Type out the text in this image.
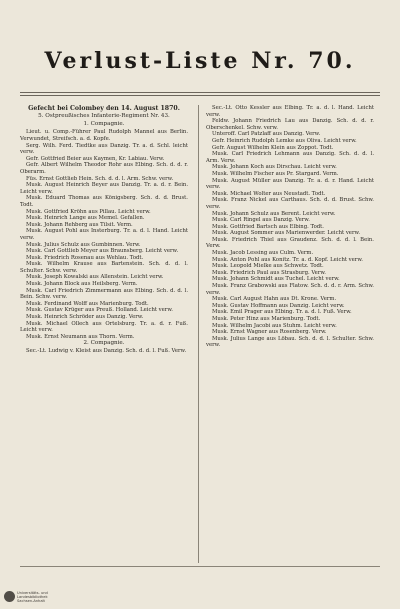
Verlust-Liste Nr. 70.

Gefecht bei Colombey den 14. August 1870.

5. Ostpreußisches Infanterie-Regiment Nr. 43.

1. Compagnie.

Lieut. u. Comp.-Führer Paul Rudolph Mannel aus Berlin. Verwundet, Streifsch. a. d. Kopfe.

Serg. Wilh. Ferd. Tiedtke aus Danzig. Tr. a. d. Schl. leicht verw.

Gefr. Gottfried Beier aus Kaymen, Kr. Labiau. Verw.

Gefr. Albert Wilhelm Theodor Rohr aus Elbing. Sch. d. d. r. Oberarm.

Füs. Ernst Gottlieb Hein. Sch. d. d. l. Arm. Schw. verw.

Musk. August Heinrich Beyer aus Danzig. Tr. a. d. r. Bein. Leicht verw.

Musk. Eduard Thomas aus Königsberg. Sch. d. d. Brust. Todt.

Musk. Gottfried Kröhn aus Pillau. Leicht verw.

Musk. Heinrich Lange aus Memel. Gefallen.

Musk. Johann Rehberg aus Tilsit. Verm.

Musk. August Pohl aus Insterburg. Tr. a. d. l. Hand. Leicht verw.

Musk. Julius Schulz aus Gumbinnen. Verw.

Musk. Carl Gottlieb Meyer aus Braunsberg. Leicht verw.

Musk. Friedrich Rosenau aus Wehlau. Todt.

Musk. Wilhelm Krause aus Bartenstein. Sch. d. d. l. Schulter. Schw. verw.

Musk. Joseph Kowalski aus Allenstein. Leicht verw.

Musk. Johann Block aus Heilsberg. Verm.

Musk. Carl Friedrich Zimmermann aus Elbing. Sch. d. d. l. Bein. Schw. verw.

Musk. Ferdinand Wolff aus Marienburg. Todt.

Musk. Gustav Krüger aus Preuß. Holland. Leicht verw.

Musk. Heinrich Schröder aus Danzig. Verw.

Musk. Michael Ollech aus Ortelsburg. Tr. a. d. r. Fuß. Leicht verw.

Musk. Ernst Neumann aus Thorn. Verm.

2. Compagnie.

Sec.-Lt. Ludwig v. Kleist aus Danzig. Sch. d. d. l. Fuß. Verw.

Sec.-Lt. Otto Kessler aus Elbing. Tr. a. d. l. Hand. Leicht verw.

Feldw. Johann Friedrich Lau aus Danzig. Sch. d. d. r. Oberschenkel. Schw. verw.

Unteroff. Carl Patzlaff aus Danzig. Verw.

Gefr. Heinrich Rudolph Lemke aus Oliva. Leicht verw.

Gefr. August Wilhelm Klein aus Zoppot. Todt.

Musk. Carl Friedrich Lehmann aus Danzig. Sch. d. d. l. Arm. Verw.

Musk. Johann Koch aus Dirschau. Leicht verw.

Musk. Wilhelm Fischer aus Pr. Stargard. Verm.

Musk. August Müller aus Danzig. Tr. a. d. r. Hand. Leicht verw.

Musk. Michael Wolter aus Neustadt. Todt.

Musk. Franz Nickel aus Carthaus. Sch. d. d. Brust. Schw. verw.

Musk. Johann Schulz aus Berent. Leicht verw.

Musk. Carl Ringel aus Danzig. Verw.

Musk. Gottfried Bartsch aus Elbing. Todt.

Musk. August Sommer aus Marienwerder. Leicht verw.

Musk. Friedrich Thiel aus Graudenz. Sch. d. d. l. Bein. Verw.

Musk. Jacob Lessing aus Culm. Verm.

Musk. Anton Pohl aus Konitz. Tr. a. d. Kopf. Leicht verw.

Musk. Leopold Mielke aus Schwetz. Todt.

Musk. Friedrich Paul aus Strasburg. Verw.

Musk. Johann Schmidt aus Tuchel. Leicht verw.

Musk. Franz Grabowski aus Flatow. Sch. d. d. r. Arm. Schw. verw.

Musk. Carl August Hahn aus Dt. Krone. Verm.

Musk. Gustav Hoffmann aus Danzig. Leicht verw.

Musk. Emil Prager aus Elbing. Tr. a. d. l. Fuß. Verw.

Musk. Peter Hinz aus Marienburg. Todt.

Musk. Wilhelm Jacobi aus Stuhm. Leicht verw.

Musk. Ernst Wagner aus Rosenberg. Verw.

Musk. Julius Lange aus Löbau. Sch. d. d. l. Schulter. Schw. verw.

Universitäts- und
Landesbibliothek
Sachsen-Anhalt
